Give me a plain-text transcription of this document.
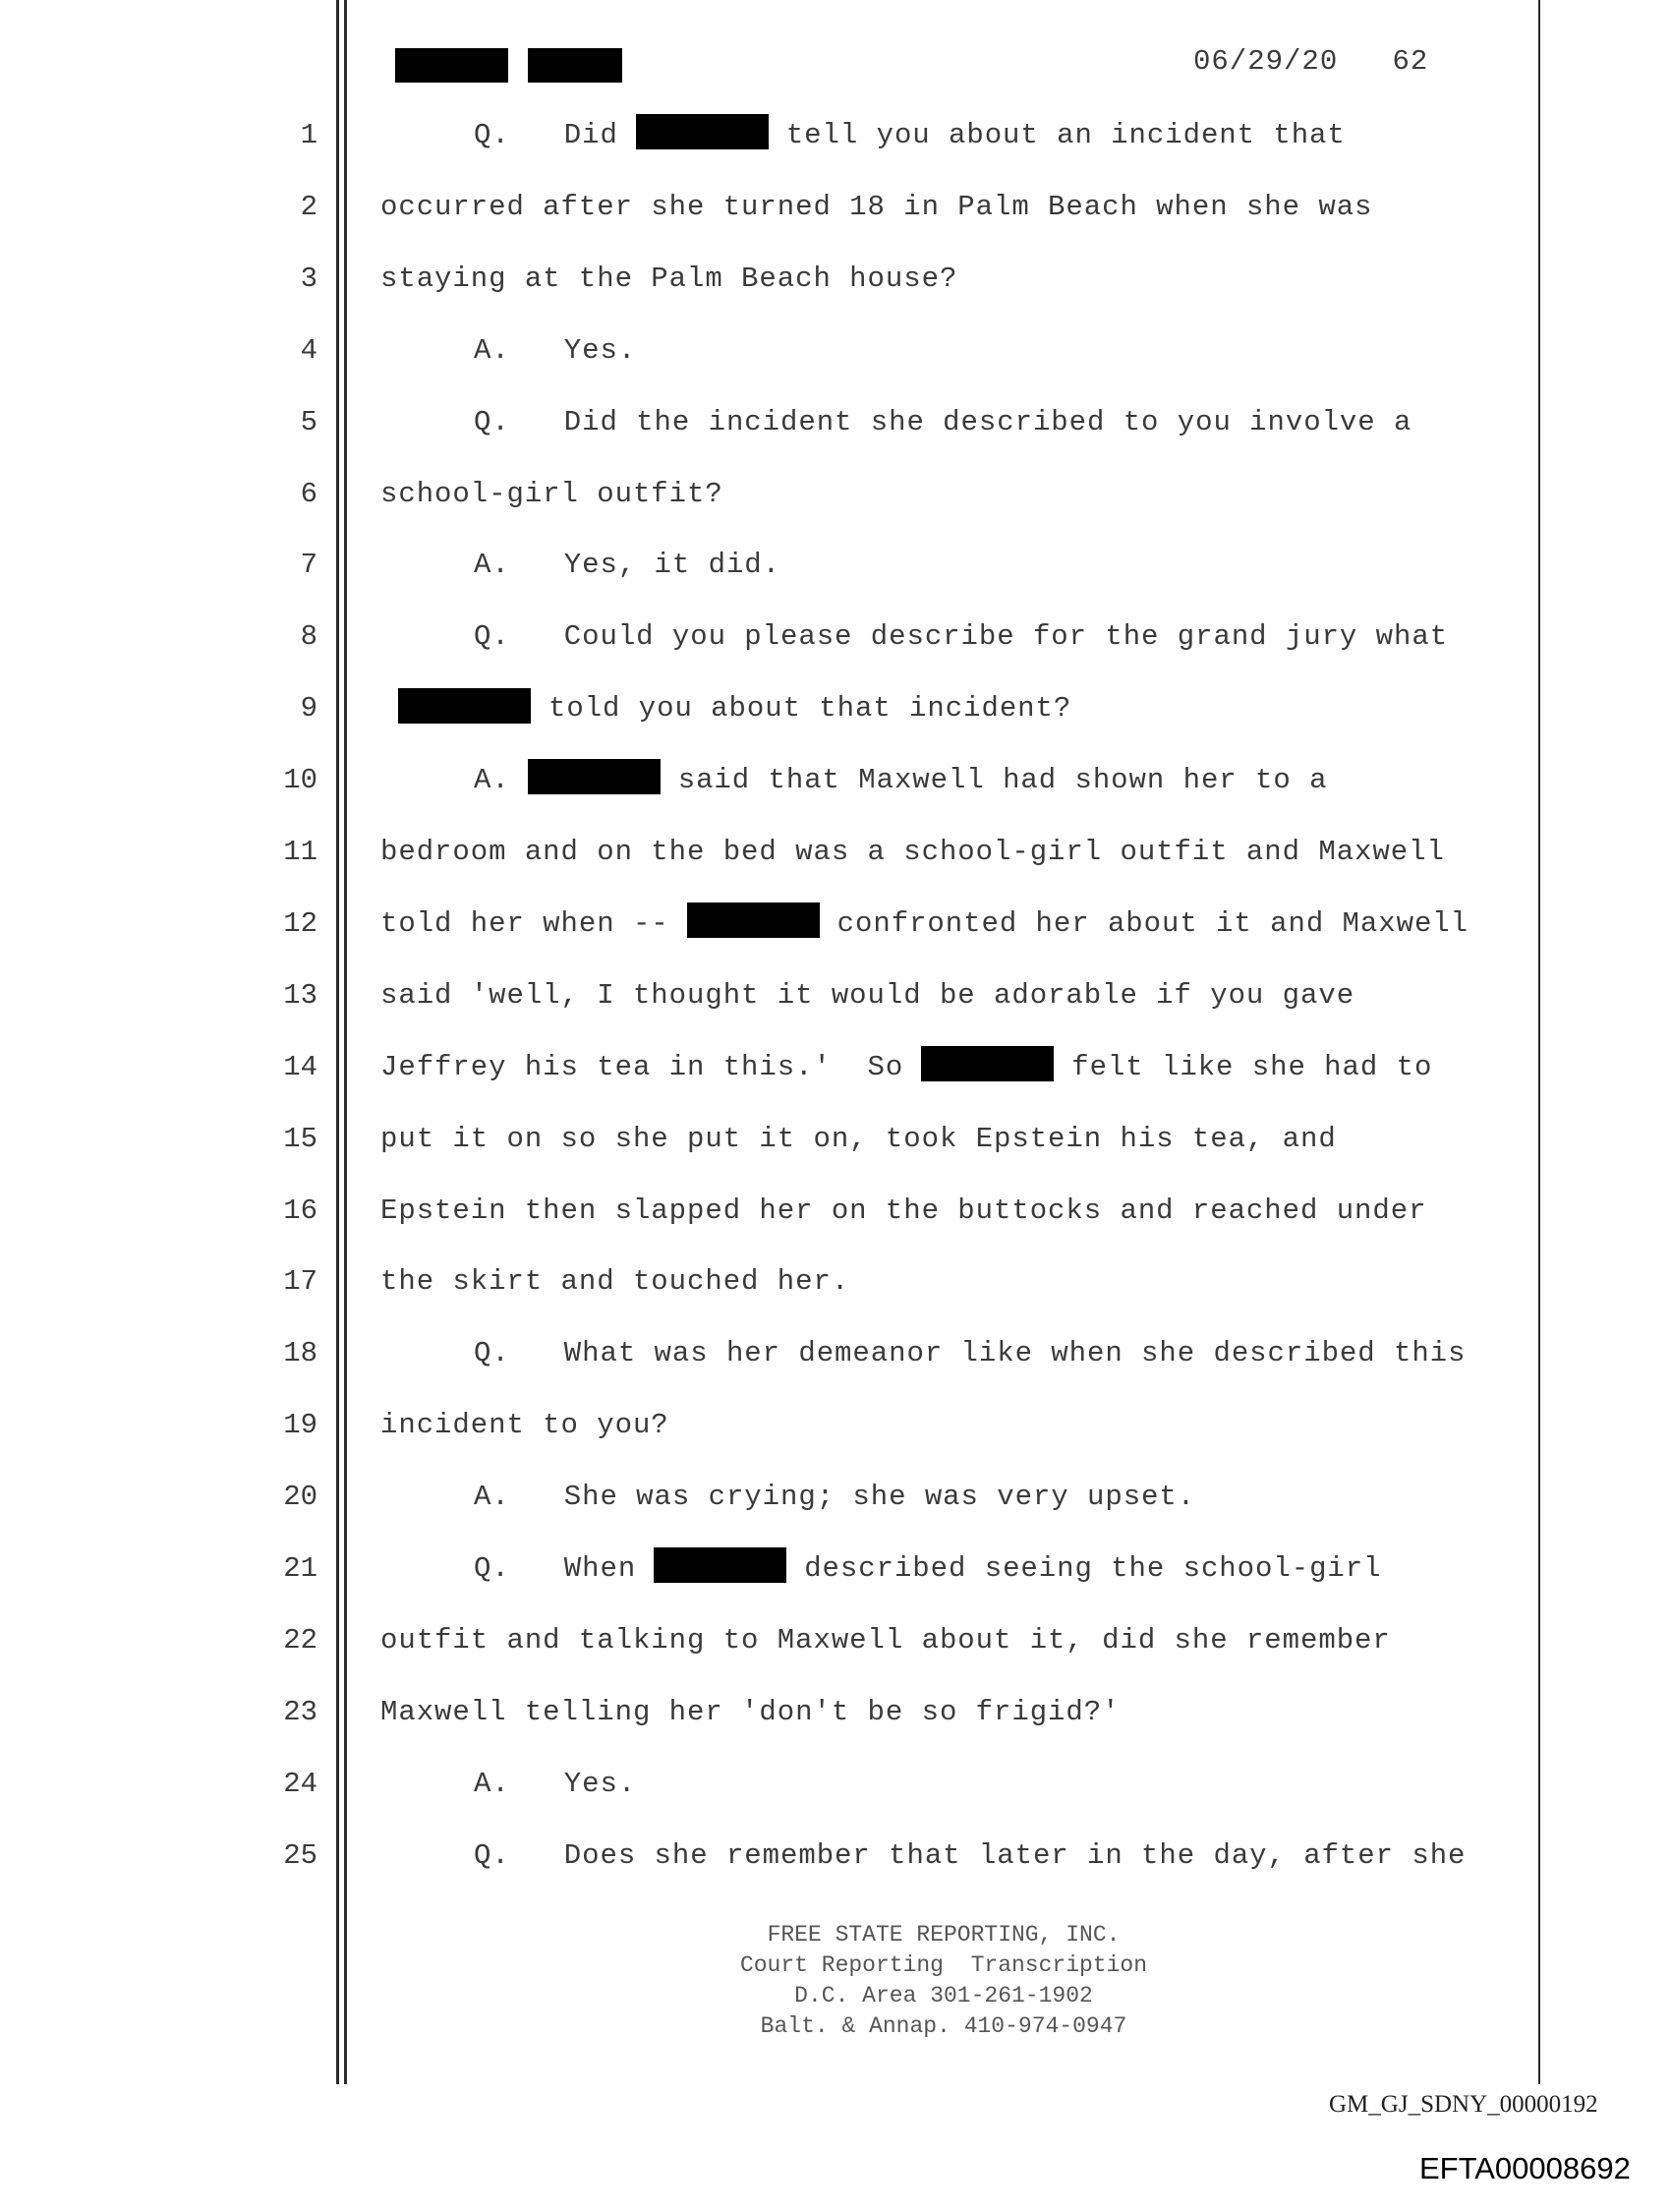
06/29/20 62
1	Q.   Did	tell you about an incident that
2 occurred after she turned 18 in Palm Beach when she was
3 staying at the Palm Beach house?
4	A.   Yes.
5	Q.   Did the incident she described to you involve a
6 school-girl outfit?
7	A.   Yes, it did.
8	Q.   Could you please describe for the grand jury what
9	told you about that incident?
10	A.	said that Maxwell had shown her to a
11 bedroom and on the bed was a school-girl outfit and Maxwell
12 told her when --	confronted her about it and Maxwell
13 said 'well, I thought it would be adorable if you gave
14 Jeffrey his tea in this.'  So	felt like she had to
15 put it on so she put it on, took Epstein his tea, and
16 Epstein then slapped her on the buttocks and reached under
17 the skirt and touched her.
18	Q.   What was her demeanor like when she described this
19 incident to you?
20	A.   She was crying; she was very upset.
21	Q.   When	described seeing the school-girl
22 outfit and talking to Maxwell about it, did she remember
23 Maxwell telling her 'don't be so frigid?'
24	A.   Yes.
25	Q.   Does she remember that later in the day, after she
FREE STATE REPORTING, INC.
Court Reporting  Transcription
D.C. Area 301-261-1902
Balt. & Annap. 410-974-0947
GM_GJ_SDNY_00000192
EFTA00008692
